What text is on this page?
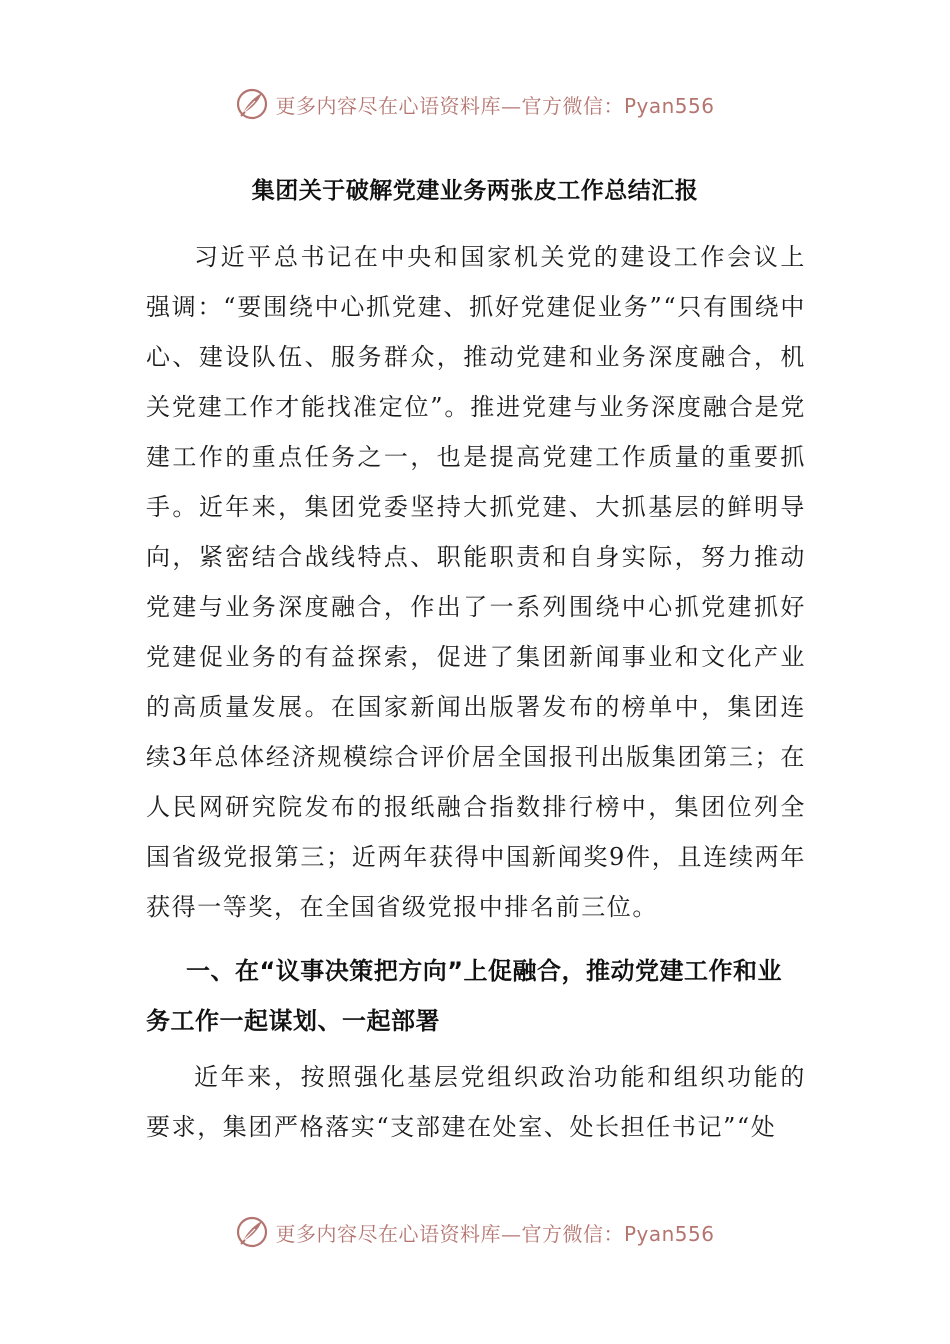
更多内容尽在心语资料库—官方微信：Pyan556
集团关于破解党建业务两张皮工作总结汇报

习近平总书记在中央和国家机关党的建设工作会议上强调：“要围绕中心抓党建、抓好党建促业务”“只有围绕中心、建设队伍、服务群众，推动党建和业务深度融合，机关党建工作才能找准定位”。推进党建与业务深度融合是党建工作的重点任务之一，也是提高党建工作质量的重要抓手。近年来，集团党委坚持大抓党建、大抓基层的鲜明导向，紧密结合战线特点、职能职责和自身实际，努力推动党建与业务深度融合，作出了一系列围绕中心抓党建抓好党建促业务的有益探索，促进了集团新闻事业和文化产业的高质量发展。在国家新闻出版署发布的榜单中，集团连续3年总体经济规模综合评价居全国报刊出版集团第三；在人民网研究院发布的报纸融合指数排行榜中，集团位列全国省级党报第三；近两年获得中国新闻奖9件，且连续两年获得一等奖，在全国省级党报中排名前三位。

一、在“议事决策把方向”上促融合，推动党建工作和业务工作一起谋划、一起部署

近年来，按照强化基层党组织政治功能和组织功能的要求，集团严格落实“支部建在处室、处长担任书记”“处

更多内容尽在心语资料库—官方微信：Pyan556
